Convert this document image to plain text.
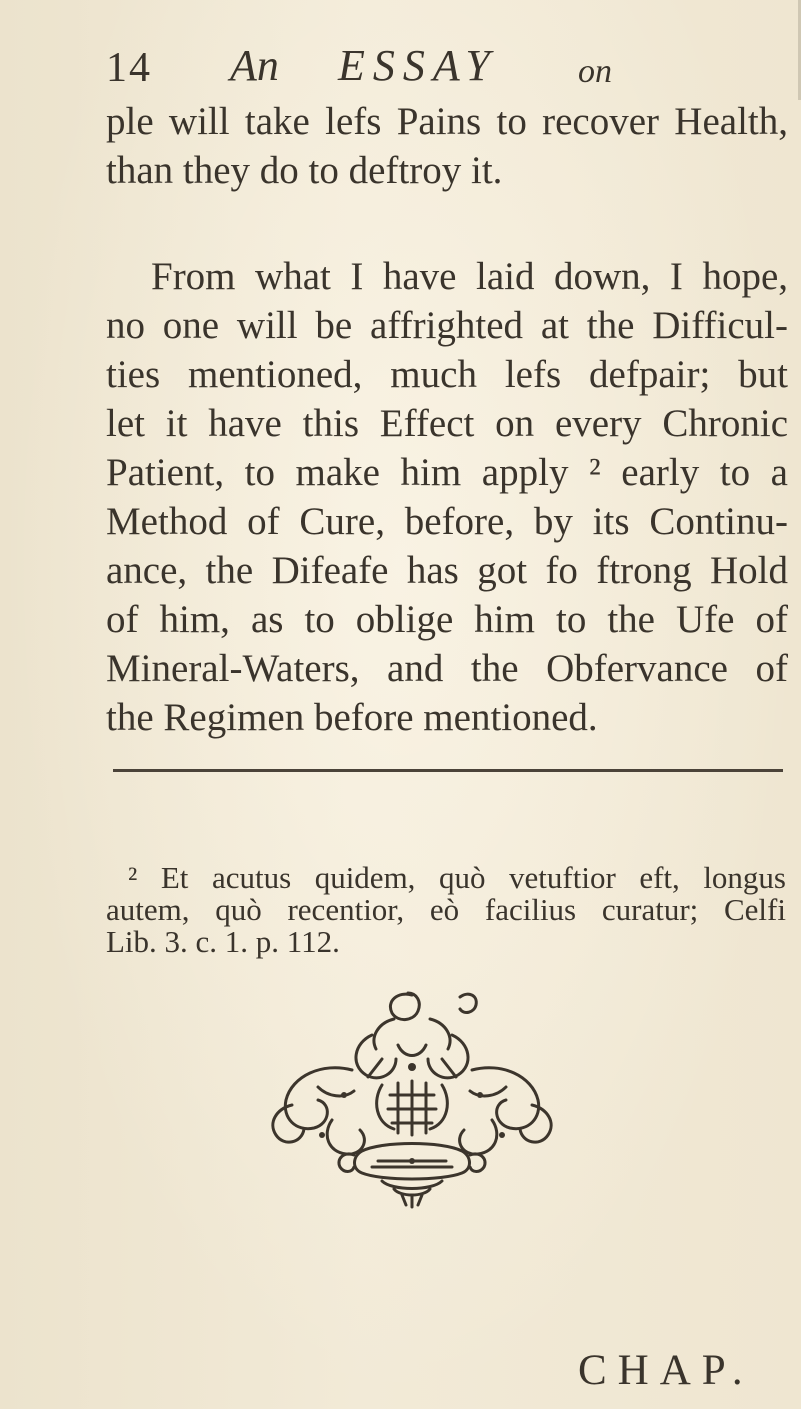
14 An ESSAY on
ple will take lefs Pains to recover Health,
than they do to deftroy it.
From what I have laid down, I hope,
no one will be affrighted at the Difficul-
ties mentioned, much lefs defpair; but
let it have this Effect on every Chronic
Patient, to make him apply ² early to a
Method of Cure, before, by its Continu-
ance, the Difeafe has got fo ftrong Hold
of him, as to oblige him to the Ufe of
Mineral-Waters, and the Obfervance of
the Regimen before mentioned.
² Et acutus quidem, quò vetuftior eft, longus
autem, quò recentior, eò facilius curatur; Celfi
Lib. 3. c. 1. p. 112.
CHAP.
